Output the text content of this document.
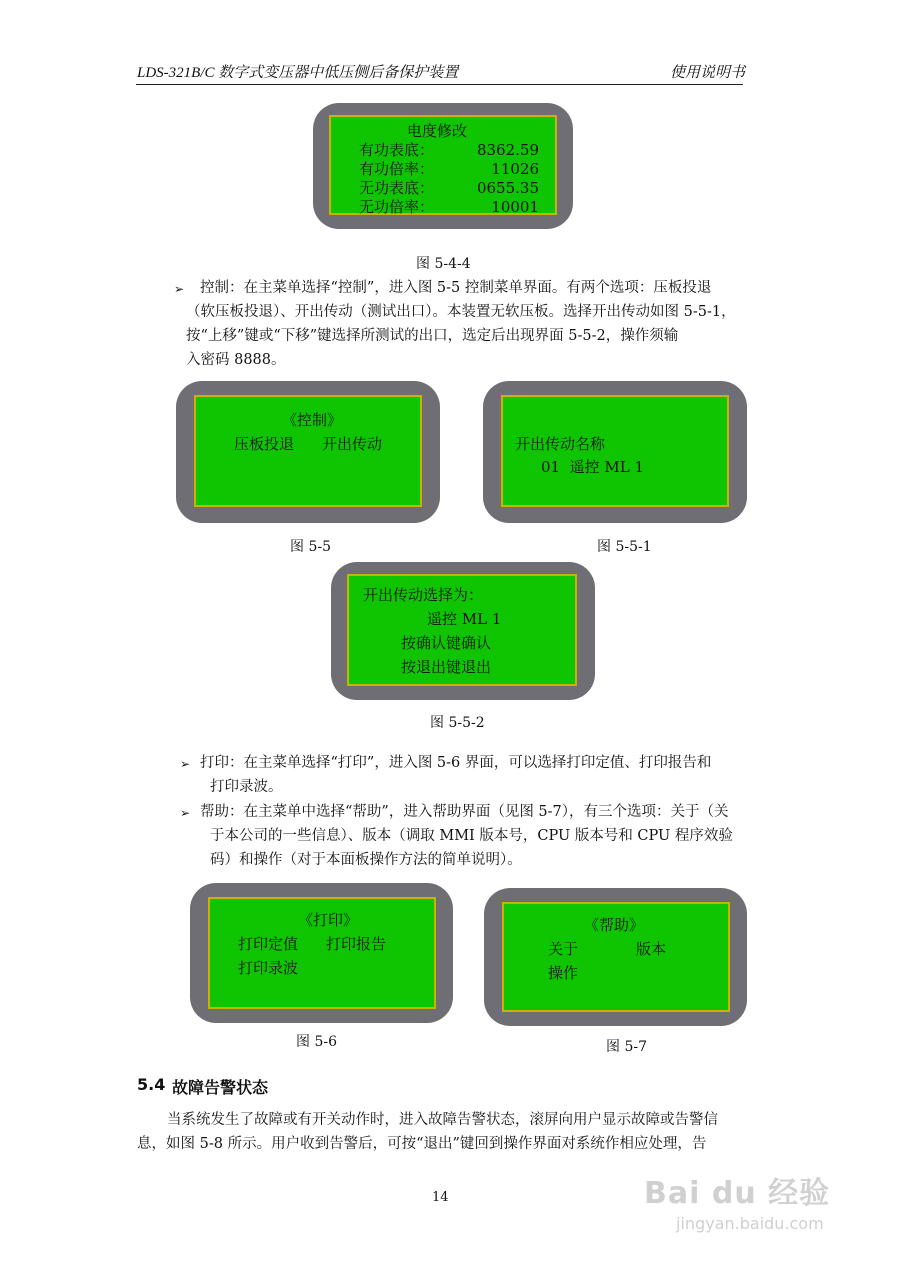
LDS-321B/C 数字式变压器中低压侧后备保护装置	使用说明书
电度修改
有功表底：	8362.59
有功倍率：	11026
无功表底：	0655.35
无功倍率：	10001
图 5-4-4
➢ 控制：在主菜单选择“控制”，进入图 5-5 控制菜单界面。有两个选项：压板投退
（软压板投退）、开出传动（测试出口）。本装置无软压板。选择开出传动如图 5-5-1，
按“上移”键或“下移”键选择所测试的出口，选定后出现界面 5-5-2，操作须输
入密码 8888。
《控制》
压板投退 开出传动
图 5-5
开出传动名称
01  遥控 ML 1
图 5-5-1
开出传动选择为：
遥控 ML 1
按确认键确认
按退出键退出
图 5-5-2
➢ 打印：在主菜单选择“打印”，进入图 5-6 界面，可以选择打印定值、打印报告和
打印录波。
➢ 帮助：在主菜单中选择“帮助”，进入帮助界面（见图 5-7），有三个选项：关于（关
于本公司的一些信息）、版本（调取 MMI 版本号，CPU 版本号和 CPU 程序效验
码）和操作（对于本面板操作方法的简单说明）。
《打印》
打印定值 打印报告
打印录波
图 5-6
《帮助》
关于	版本
操作
图 5-7
5.4 故障告警状态
当系统发生了故障或有开关动作时，进入故障告警状态，滚屏向用户显示故障或告警信
息，如图 5-8 所示。用户收到告警后，可按“退出”键回到操作界面对系统作相应处理，告
14	Bai du 经验
jingyan.baidu.com
